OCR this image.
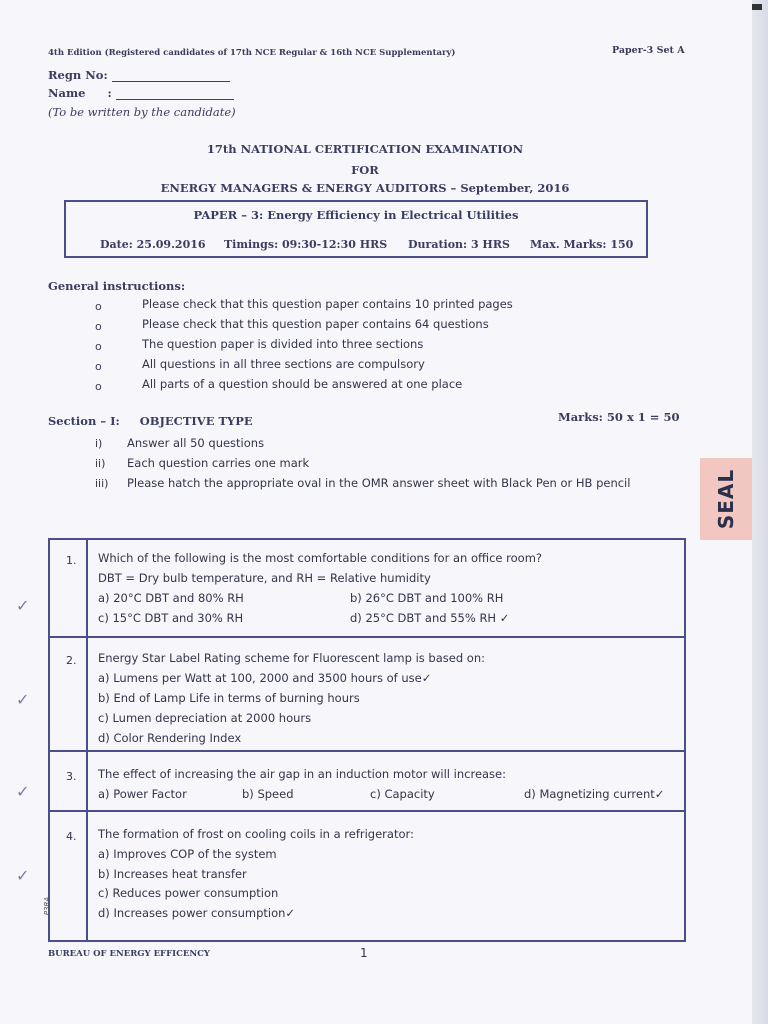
4th Edition (Registered candidates of 17th NCE Regular & 16th NCE Supplementary)	Paper-3 Set A
Regn No:
Name :
(To be written by the candidate)
17th NATIONAL CERTIFICATION EXAMINATION
FOR
ENERGY MANAGERS & ENERGY AUDITORS – September, 2016
PAPER – 3: Energy Efficiency in Electrical Utilities
Date: 25.09.2016 Timings: 09:30-12:30 HRS Duration: 3 HRS Max. Marks: 150
General instructions:
o	Please check that this question paper contains 10 printed pages
o	Please check that this question paper contains 64 questions
o	The question paper is divided into three sections
o	All questions in all three sections are compulsory
o	All parts of a question should be answered at one place
Section – I:     OBJECTIVE TYPE	Marks: 50 x 1 = 50
i) Answer all 50 questions
ii) Each question carries one mark
iii) Please hatch the appropriate oval in the OMR answer sheet with Black Pen or HB pencil
1. Which of the following is the most comfortable conditions for an office room?
DBT = Dry bulb temperature, and RH = Relative humidity
a) 20°C DBT and 80% RH	b) 26°C DBT and 100% RH
c) 15°C DBT and 30% RH	d) 25°C DBT and 55% RH ✓
2. Energy Star Label Rating scheme for Fluorescent lamp is based on:
a) Lumens per Watt at 100, 2000 and 3500 hours of use✓
b) End of Lamp Life in terms of burning hours
c) Lumen depreciation at 2000 hours
d) Color Rendering Index
3. The effect of increasing the air gap in an induction motor will increase:
a) Power Factor	b) Speed	c) Capacity	d) Magnetizing current✓
4. The formation of frost on cooling coils in a refrigerator:
a) Improves COP of the system
b) Increases heat transfer
c) Reduces power consumption
d) Increases power consumption✓
✓
✓
✓
✓
P3RA
BUREAU OF ENERGY EFFICENCY	1
SEAL
